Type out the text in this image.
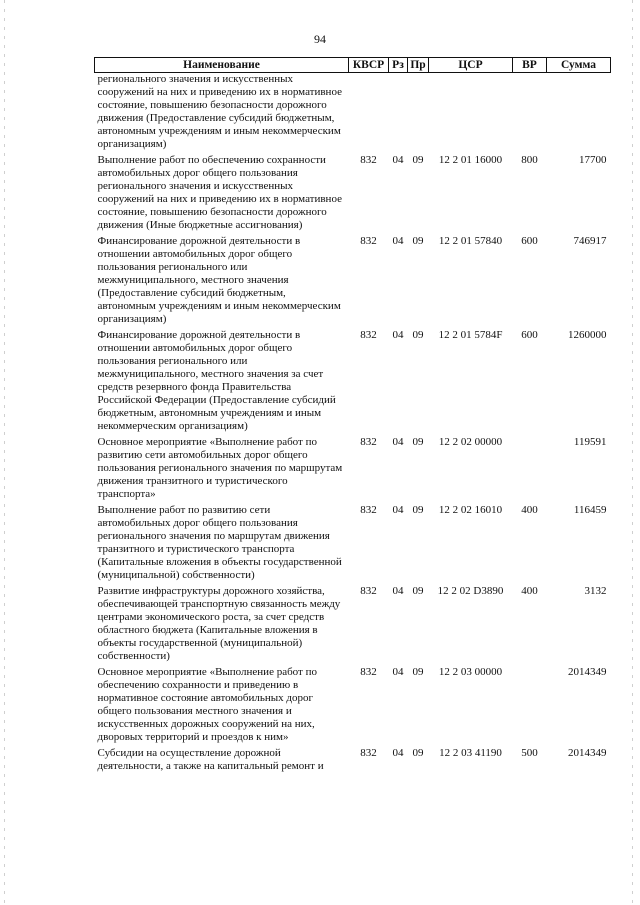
94
Наименование	КВСР	Рз	Пр	ЦСР	ВР	Сумма
регионального значения и искусственных сооружений на них и приведению их в нормативное состояние, повышению безопасности дорожного движения (Предоставление субсидий бюджетным, автономным учреждениям и иным некоммерческим организациям)						
Выполнение работ по обеспечению сохранности автомобильных дорог общего пользования регионального значения и искусственных сооружений на них и приведению их в нормативное состояние, повышению безопасности дорожного движения (Иные бюджетные ассигнования)	832	04	09	12 2 01 16000	800	17700
Финансирование дорожной деятельности в отношении автомобильных дорог общего пользования регионального или межмуниципального, местного значения (Предоставление субсидий бюджетным, автономным учреждениям и иным некоммерческим организациям)	832	04	09	12 2 01 57840	600	746917
Финансирование дорожной деятельности в отношении автомобильных дорог общего пользования регионального или межмуниципального, местного значения за счет средств резервного фонда Правительства Российской Федерации (Предоставление субсидий бюджетным, автономным учреждениям и иным некоммерческим организациям)	832	04	09	12 2 01 5784F	600	1260000
Основное мероприятие «Выполнение работ по развитию сети автомобильных дорог общего пользования регионального значения по маршрутам движения транзитного и туристического транспорта»	832	04	09	12 2 02 00000		119591
Выполнение работ по развитию сети автомобильных дорог общего пользования регионального значения по маршрутам движения транзитного и туристического транспорта (Капитальные вложения в объекты государственной (муниципальной) собственности)	832	04	09	12 2 02 16010	400	116459
Развитие инфраструктуры дорожного хозяйства, обеспечивающей транспортную связанность между центрами экономического роста, за счет средств областного бюджета (Капитальные вложения в объекты государственной (муниципальной) собственности)	832	04	09	12 2 02 D3890	400	3132
Основное мероприятие «Выполнение работ по обеспечению сохранности и приведению в нормативное состояние автомобильных дорог общего пользования местного значения и искусственных дорожных сооружений на них, дворовых территорий и проездов к ним»	832	04	09	12 2 03 00000		2014349
Субсидии на осуществление дорожной деятельности, а также на капитальный ремонт и	832	04	09	12 2 03 41190	500	2014349
